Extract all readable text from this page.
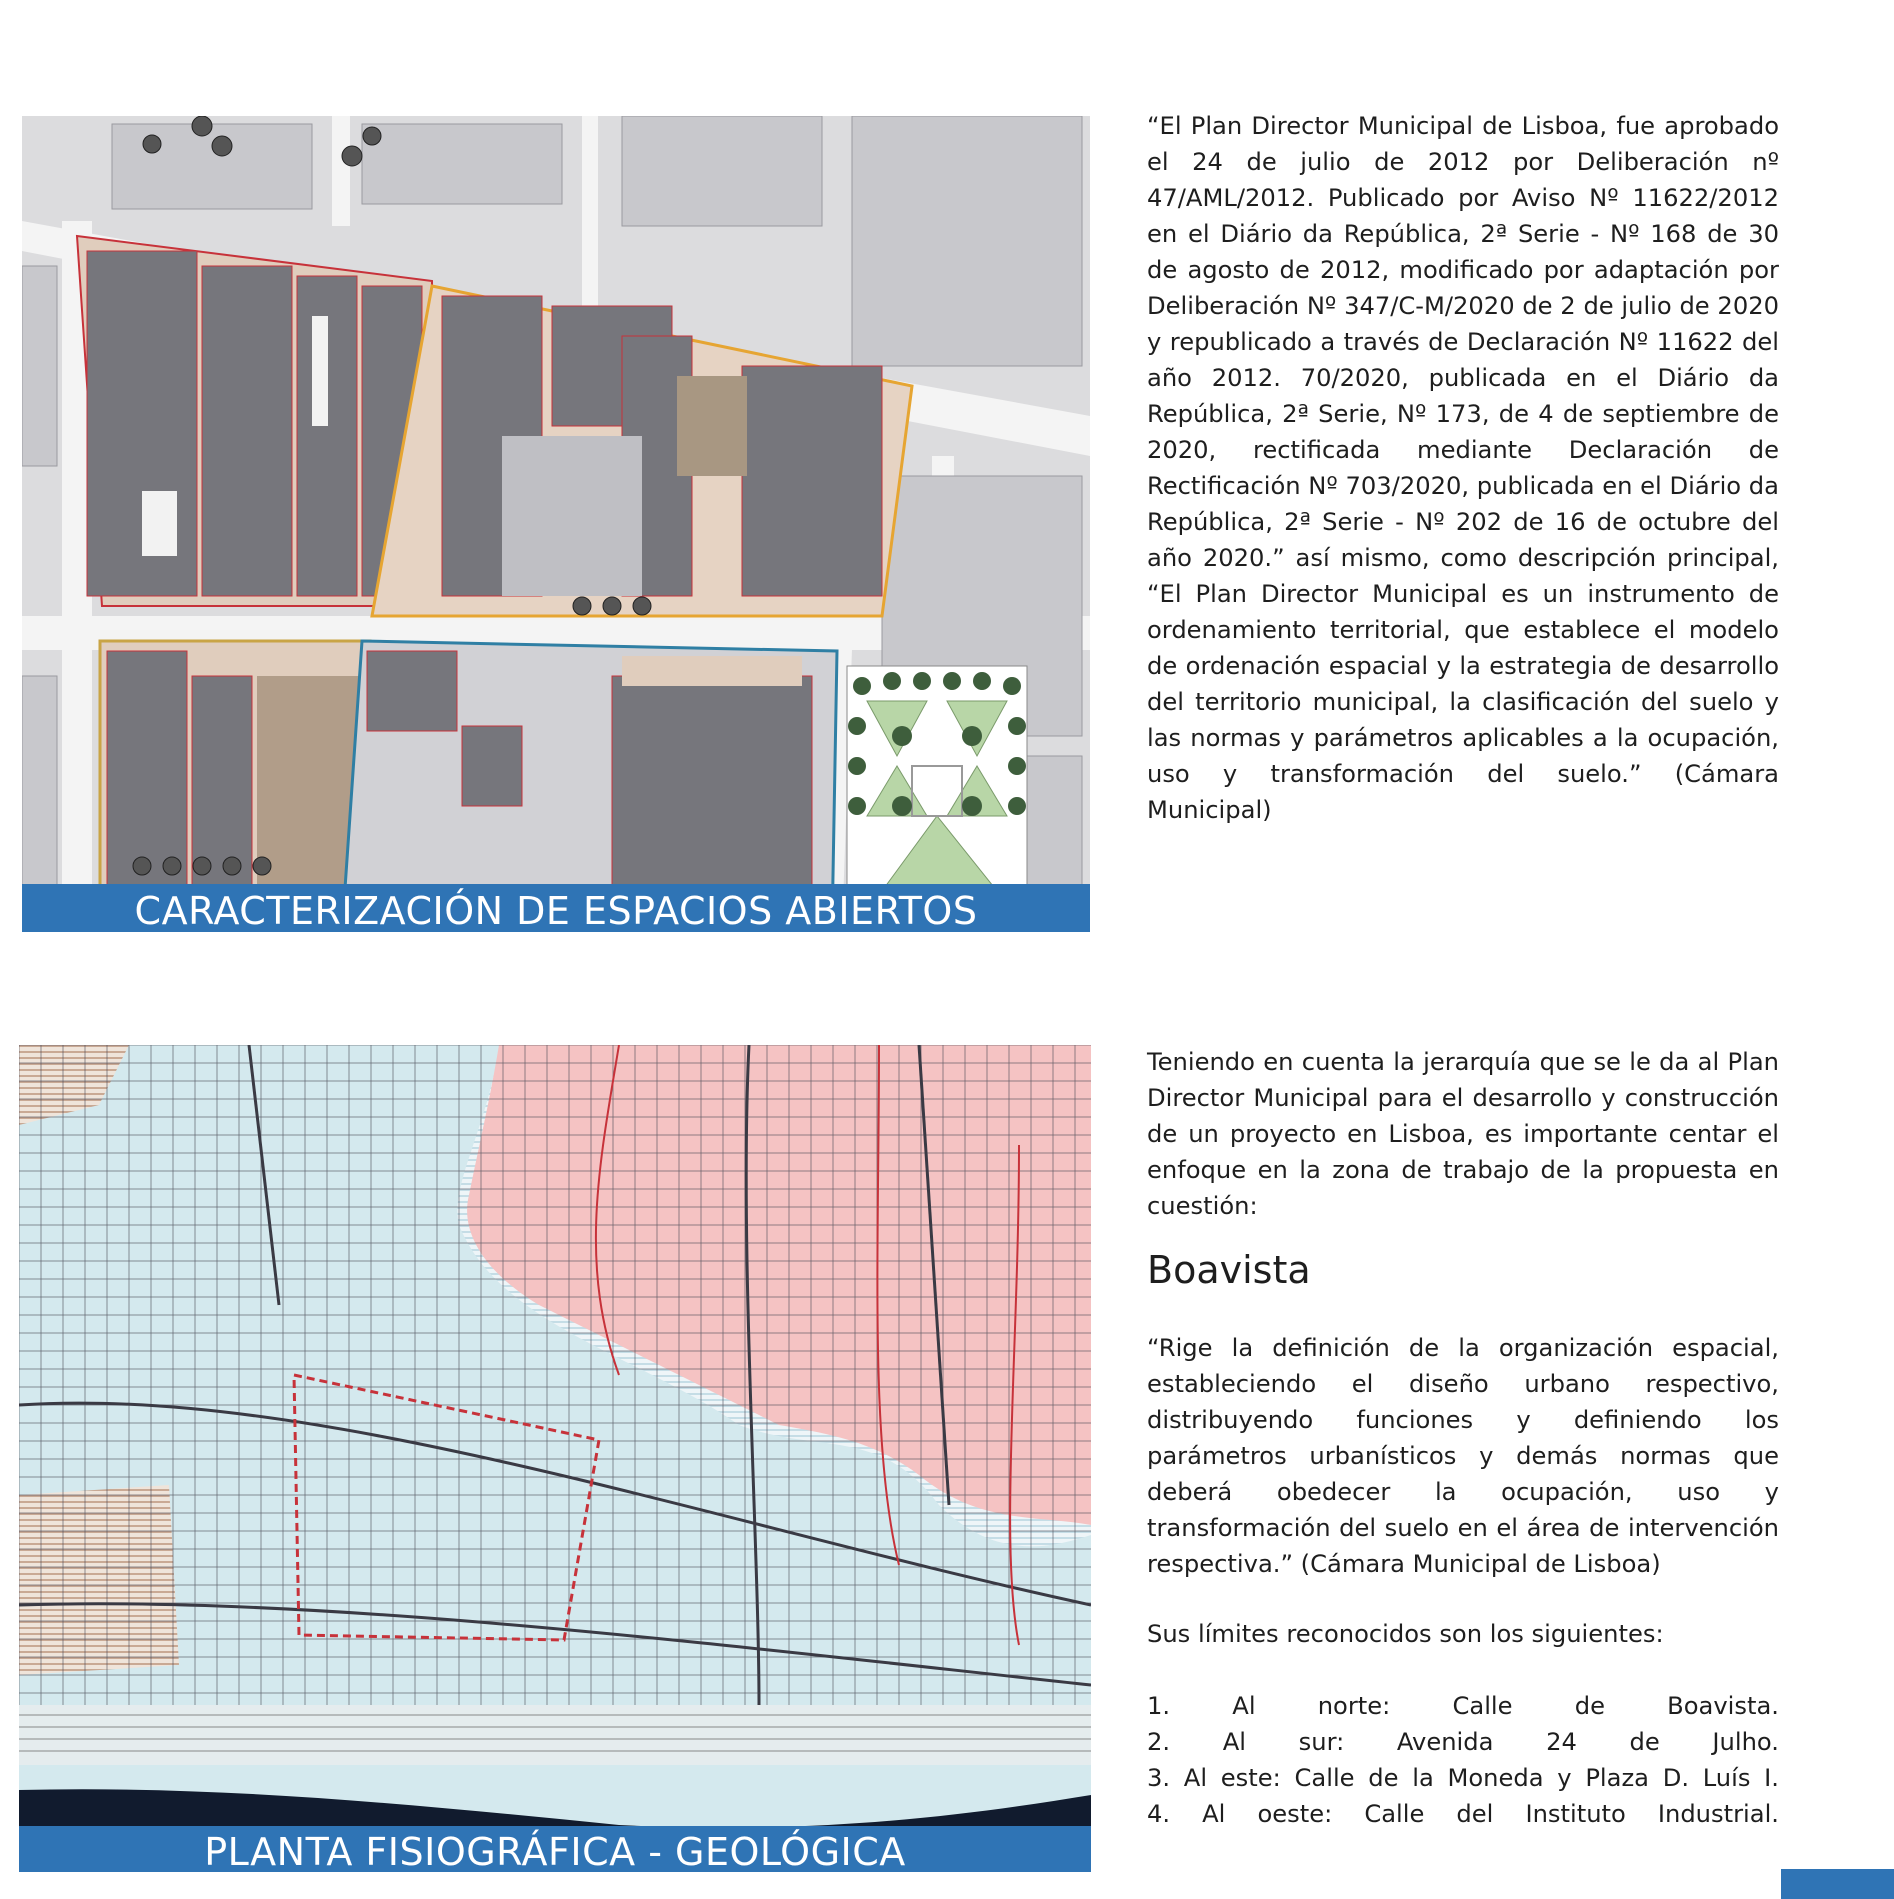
CARACTERIZACIÓN DE ESPACIOS ABIERTOS
PLANTA FISIOGRÁFICA - GEOLÓGICA

“El Plan Director Municipal de Lisboa, fue aprobado el 24 de julio de 2012 por Deliberación nº 47/AML/2012. Publicado por Aviso Nº 11622/2012 en el Diário da República, 2ª Serie - Nº 168 de 30 de agosto de 2012, modificado por adaptación por Deliberación Nº 347/C-M/2020 de 2 de julio de 2020 y republicado a través de Declaración Nº 11622 del año 2012. 70/2020, publicada en el Diário da República, 2ª Serie, Nº 173, de 4 de septiembre de 2020, rectificada mediante Declaración de Rectificación Nº 703/2020, publicada en el Diário da República, 2ª Serie - Nº 202 de 16 de octubre del año 2020.” así mismo, como descripción principal, “El Plan Director Municipal es un instrumento de ordenamiento territorial, que establece el modelo de ordenación espacial y la estrategia de desarrollo del territorio municipal, la clasificación del suelo y las normas y parámetros aplicables a la ocupación, uso y transformación del suelo.” (Cámara Municipal)

Teniendo en cuenta la jerarquía que se le da al Plan Director Municipal para el desarrollo y construcción de un proyecto en Lisboa, es importante centar el enfoque en la zona de trabajo de la propuesta en cuestión:

Boavista

“Rige la definición de la organización espacial, estableciendo el diseño urbano respectivo, distribuyendo funciones y definiendo los parámetros urbanísticos y demás normas que deberá obedecer la ocupación, uso y transformación del suelo en el área de intervención respectiva.” (Cámara Municipal de Lisboa)

Sus límites reconocidos son los siguientes:

1. Al norte: Calle de Boavista.
2. Al sur: Avenida 24 de Julho.
3. Al este: Calle de la Moneda y Plaza D. Luís I.
4. Al oeste: Calle del Instituto Industrial.
